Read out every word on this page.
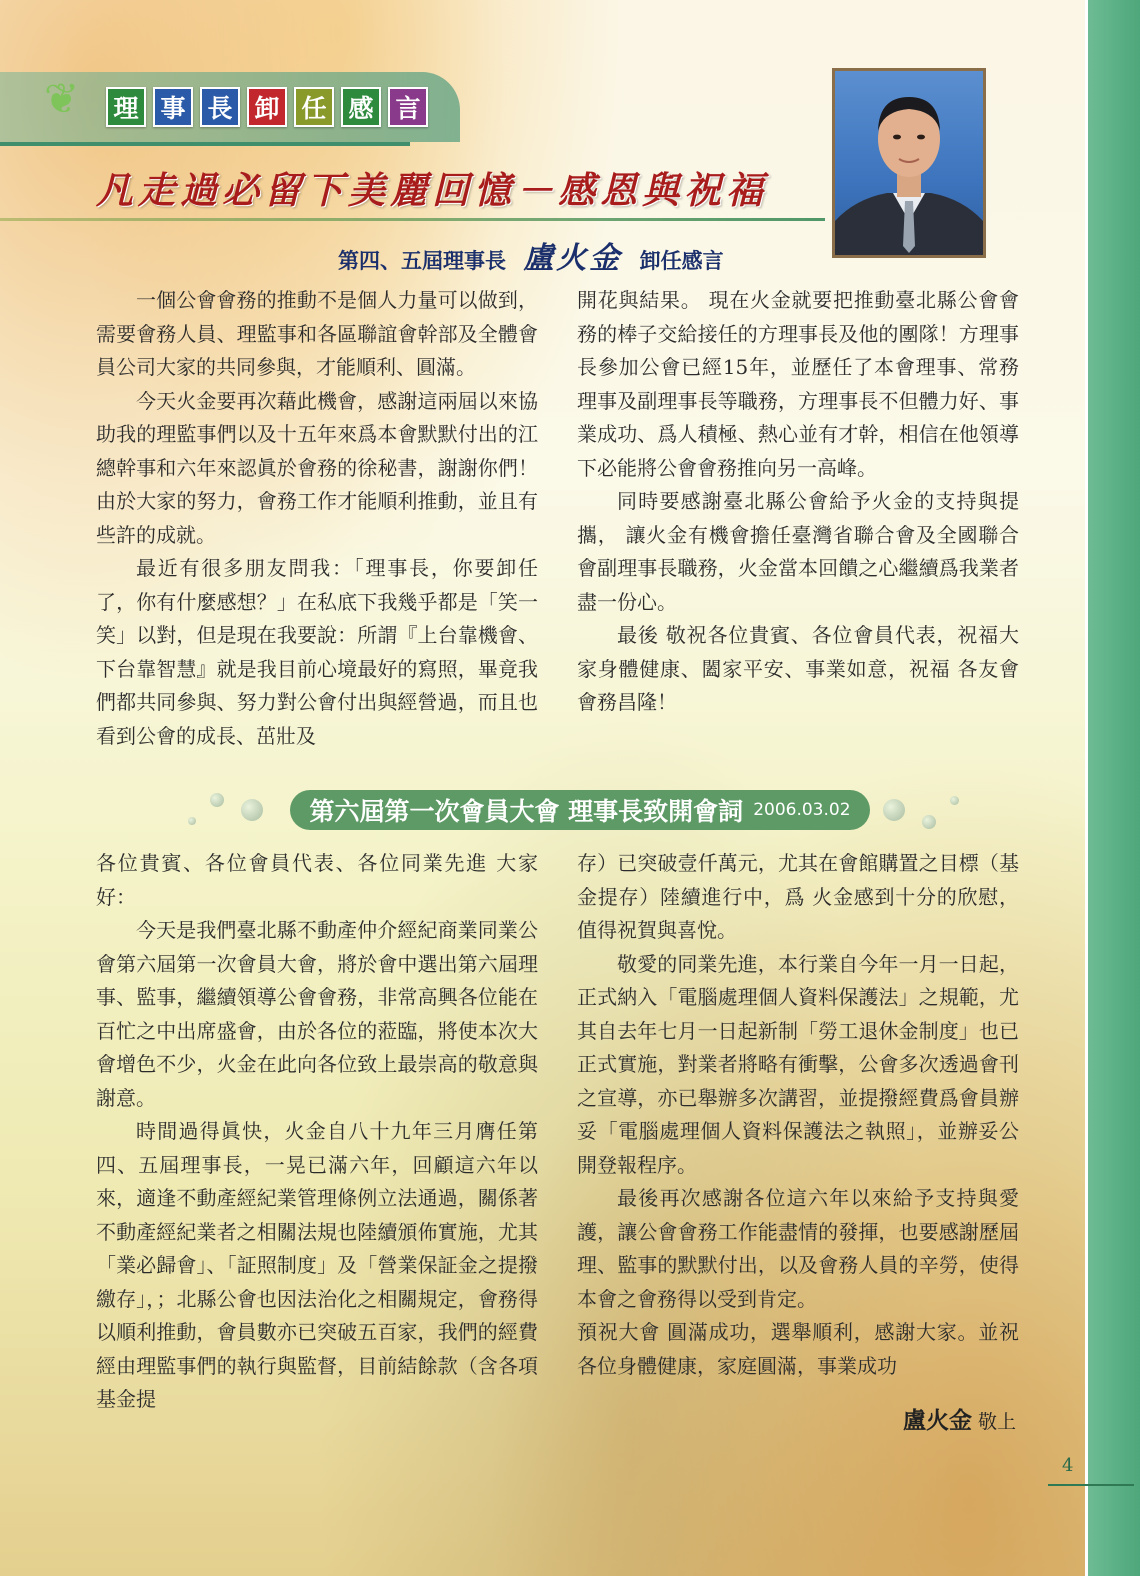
❦ 理 事 長 卸 任 感 言
凡走過必留下美麗回憶－感恩與祝福
第四、五屆理事長 盧火金 卸任感言

一個公會會務的推動不是個人力量可以做到，需要會務人員、理監事和各區聯誼會幹部及全體會員公司大家的共同參與，才能順利、圓滿。

今天火金要再次藉此機會，感謝這兩屆以來協助我的理監事們以及十五年來爲本會默默付出的江總幹事和六年來認眞於會務的徐秘書，謝謝你們！由於大家的努力，會務工作才能順利推動，並且有些許的成就。

最近有很多朋友問我：「理事長，你要卸任了，你有什麼感想？」在私底下我幾乎都是「笑一笑」以對，但是現在我要說：所謂『上台靠機會、下台靠智慧』就是我目前心境最好的寫照，畢竟我們都共同參與、努力對公會付出與經營過，而且也看到公會的成長、茁壯及

開花與結果。 現在火金就要把推動臺北縣公會會務的棒子交給接任的方理事長及他的團隊！方理事長參加公會已經15年，並歷任了本會理事、常務理事及副理事長等職務，方理事長不但體力好、事業成功、爲人積極、熱心並有才幹，相信在他領導下必能將公會會務推向另一高峰。

同時要感謝臺北縣公會給予火金的支持與提攜， 讓火金有機會擔任臺灣省聯合會及全國聯合會副理事長職務，火金當本回饋之心繼續爲我業者盡一份心。

最後 敬祝各位貴賓、各位會員代表，祝福大家身體健康、闔家平安、事業如意，祝福 各友會會務昌隆！

第六屆第一次會員大會 理事長致開會詞 2006.03.02

各位貴賓、各位會員代表、各位同業先進 大家好：

今天是我們臺北縣不動產仲介經紀商業同業公會第六屆第一次會員大會，將於會中選出第六屆理事、監事，繼續領導公會會務，非常高興各位能在百忙之中出席盛會，由於各位的蒞臨，將使本次大會增色不少，火金在此向各位致上最崇高的敬意與謝意。

時間過得眞快，火金自八十九年三月膺任第四、五屆理事長，一晃已滿六年，回顧這六年以來，適逢不動產經紀業管理條例立法通過，關係著不動產經紀業者之相關法規也陸續頒佈實施，尤其「業必歸會」、「証照制度」及「營業保証金之提撥繳存」，；北縣公會也因法治化之相關規定，會務得以順利推動，會員數亦已突破五百家，我們的經費經由理監事們的執行與監督，目前結餘款（含各項基金提

存）已突破壹仟萬元，尤其在會館購置之目標（基金提存）陸續進行中，爲 火金感到十分的欣慰，值得祝賀與喜悅。

敬愛的同業先進，本行業自今年一月一日起，正式納入「電腦處理個人資料保護法」之規範，尤其自去年七月一日起新制「勞工退休金制度」也已正式實施，對業者將略有衝擊，公會多次透過會刊之宣導，亦已舉辦多次講習，並提撥經費爲會員辦妥「電腦處理個人資料保護法之執照」，並辦妥公開登報程序。

最後再次感謝各位這六年以來給予支持與愛護，讓公會會務工作能盡情的發揮，也要感謝歷屆理、監事的默默付出，以及會務人員的辛勞，使得本會之會務得以受到肯定。

預祝大會 圓滿成功，選舉順利，感謝大家。並祝各位身體健康，家庭圓滿，事業成功

盧火金 敬上
4
